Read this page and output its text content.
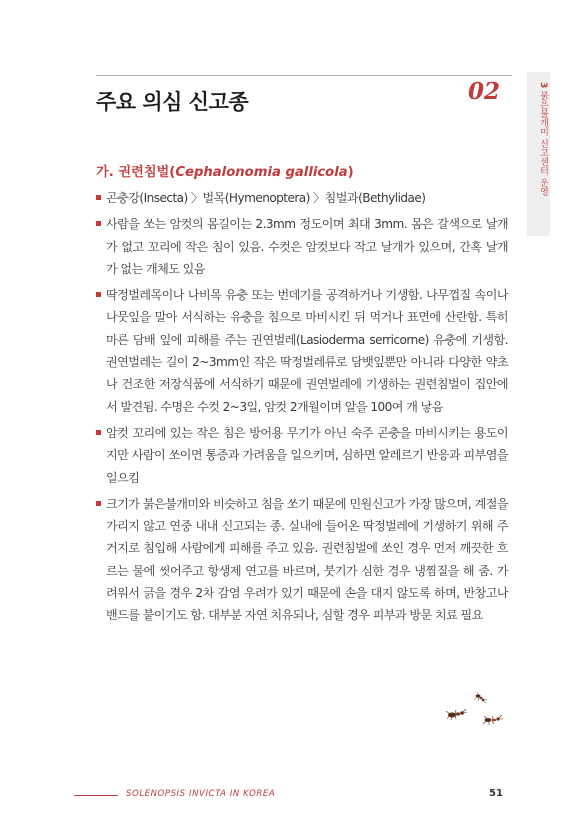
주요 의심 신고종	02	3 붉은불개미 신고센터 운영
가. 권련침벌(Cephalonomia gallicola)
곤충강(Insecta) 〉벌목(Hymenoptera) 〉침벌과(Bethylidae)
사람을 쏘는 암컷의 몸길이는 2.3mm 정도이며 최대 3mm. 몸은 갈색으로 날개가 없고 꼬리에 작은 침이 있음. 수컷은 암컷보다 작고 날개가 있으며, 간혹 날개가 없는 개체도 있음
딱정벌레목이나 나비목 유충 또는 번데기를 공격하거나 기생함. 나무껍질 속이나 나뭇잎을 말아 서식하는 유충을 침으로 마비시킨 뒤 먹거나 표면에 산란함. 특히 마른 담배 잎에 피해를 주는 권연벌레(Lasioderma serricorne) 유충에 기생함. 권연벌레는 길이 2~3mm인 작은 딱정벌레류로 담뱃잎뿐만 아니라 다양한 약초나 건조한 저장식품에 서식하기 때문에 권연벌레에 기생하는 권련침벌이 집안에서 발견됨. 수명은 수컷 2~3일, 암컷 2개월이며 알을 100여 개 낳음
암컷 꼬리에 있는 작은 침은 방어용 무기가 아닌 숙주 곤충을 마비시키는 용도이지만 사람이 쏘이면 통증과 가려움을 일으키며, 심하면 알레르기 반응과 피부염을 일으킴
크기가 붉은불개미와 비슷하고 침을 쏘기 때문에 민원신고가 가장 많으며, 계절을 가리지 않고 연중 내내 신고되는 종. 실내에 들어온 딱정벌레에 기생하기 위해 주거지로 침입해 사람에게 피해를 주고 있음. 권련침벌에 쏘인 경우 먼저 깨끗한 흐르는 물에 씻어주고 항생제 연고를 바르며, 붓기가 심한 경우 냉찜질을 해 줌. 가려워서 긁을 경우 2차 감염 우려가 있기 때문에 손을 대지 않도록 하며, 반창고나 밴드를 붙이기도 함. 대부분 자연 치유되나, 심할 경우 피부과 방문 치료 필요
SOLENOPSIS INVICTA IN KOREA	51
